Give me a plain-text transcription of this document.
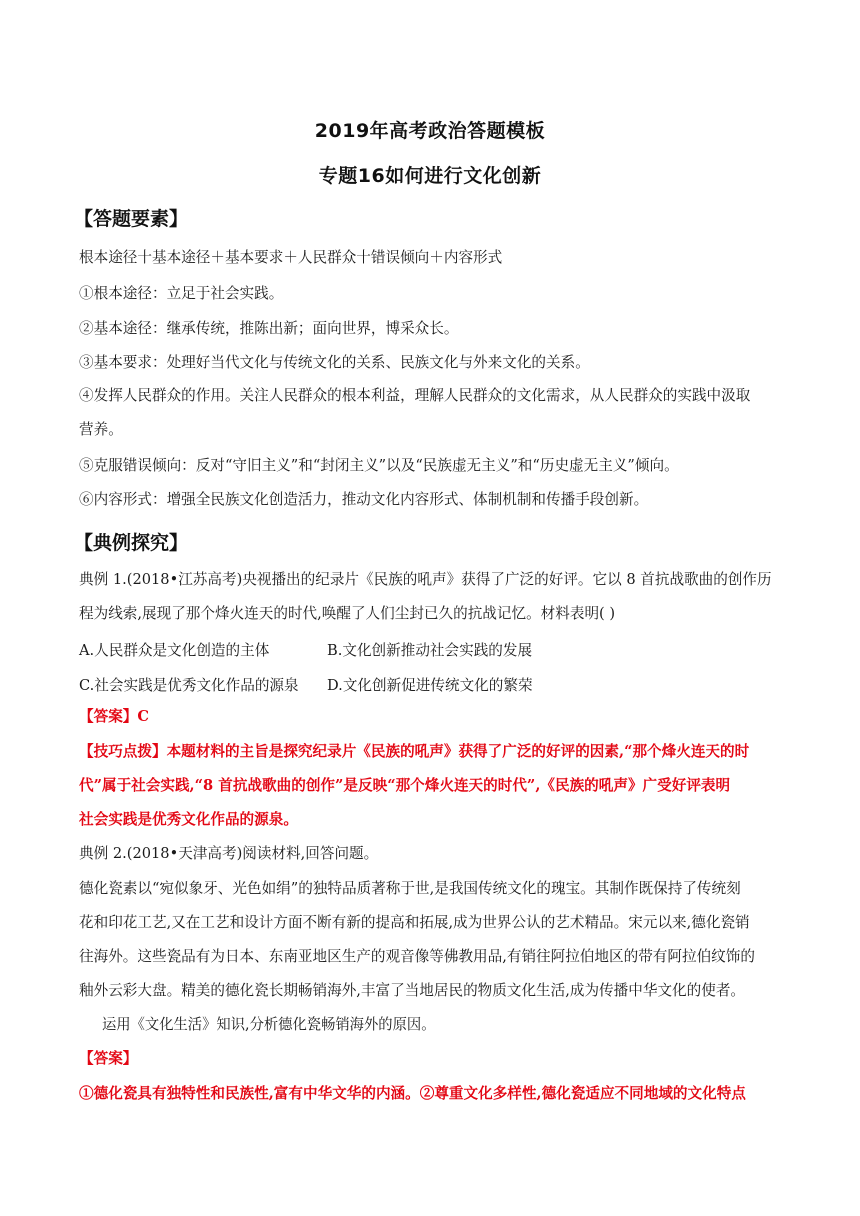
2019年高考政治答题模板
专题16如何进行文化创新
【答题要素】
根本途径十基本途径＋基本要求＋人民群众十错误倾向＋内容形式
①根本途径：立足于社会实践。
②基本途径：继承传统，推陈出新；面向世界，博采众长。
③基本要求：处理好当代文化与传统文化的关系、民族文化与外来文化的关系。
④发挥人民群众的作用。关注人民群众的根本利益，理解人民群众的文化需求，从人民群众的实践中汲取
营养。
⑤克服错误倾向：反对“守旧主义”和“封闭主义”以及“民族虚无主义”和“历史虚无主义”倾向。
⑥内容形式：增强全民族文化创造活力，推动文化内容形式、体制机制和传播手段创新。
【典例探究】
典例 1.(2018•江苏高考)央视播出的纪录片《民族的吼声》获得了广泛的好评。它以 8 首抗战歌曲的创作历
程为线索,展现了那个烽火连天的时代,唤醒了人们尘封已久的抗战记忆。材料表明( )
A.人民群众是文化创造的主体	B.文化创新推动社会实践的发展
C.社会实践是优秀文化作品的源泉 D.文化创新促进传统文化的繁荣
【答案】C
【技巧点拨】本题材料的主旨是探究纪录片《民族的吼声》获得了广泛的好评的因素,“那个烽火连天的时
代”属于社会实践,“8 首抗战歌曲的创作”是反映“那个烽火连天的时代”,《民族的吼声》广受好评表明
社会实践是优秀文化作品的源泉。
典例 2.(2018•天津高考)阅读材料,回答问题。
德化瓷素以“宛似象牙、光色如绢”的独特品质著称于世,是我国传统文化的瑰宝。其制作既保持了传统刻
花和印花工艺,又在工艺和设计方面不断有新的提高和拓展,成为世界公认的艺术精品。宋元以来,德化瓷销
往海外。这些瓷品有为日本、东南亚地区生产的观音像等佛教用品,有销往阿拉伯地区的带有阿拉伯纹饰的
釉外云彩大盘。精美的德化瓷长期畅销海外,丰富了当地居民的物质文化生活,成为传播中华文化的使者。
运用《文化生活》知识,分析德化瓷畅销海外的原因。
【答案】
①德化瓷具有独特性和民族性,富有中华文华的内涵。②尊重文化多样性,德化瓷适应不同地域的文化特点
